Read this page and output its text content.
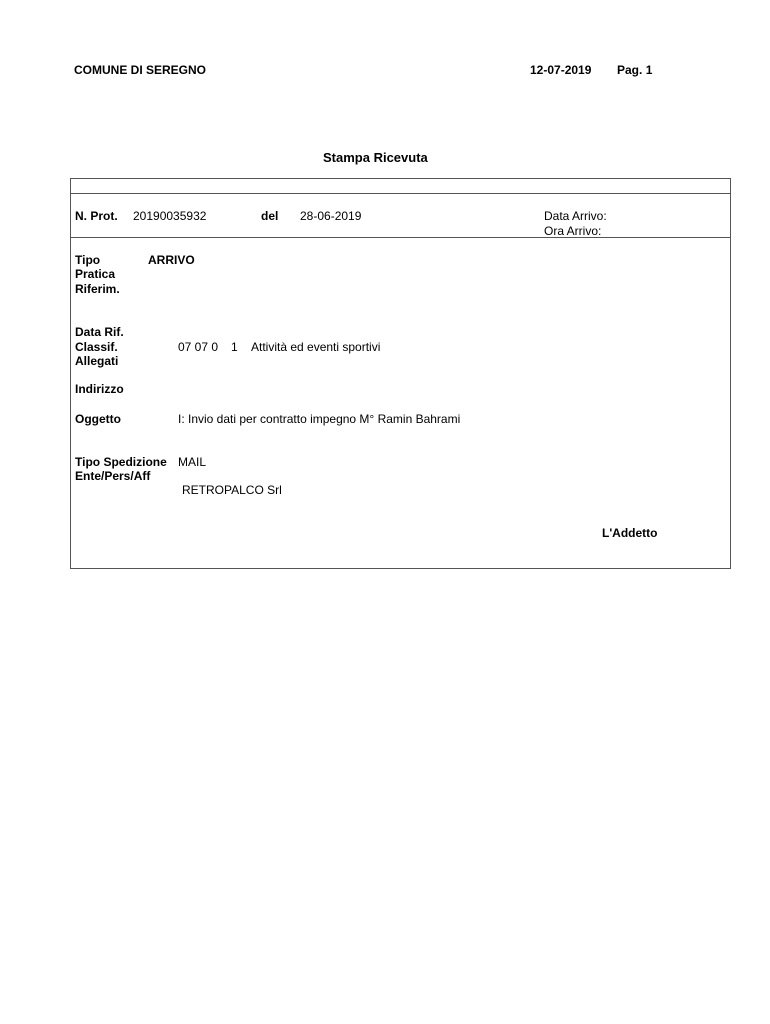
COMUNE DI SEREGNO	12-07-2019 Pag. 1
Stampa Ricevuta
N. Prot. 20190035932	del 28-06-2019	Data Arrivo:
Ora Arrivo:
Tipo	ARRIVO
Pratica
Riferim.
Data Rif.
Classif.	07 07 0 1 Attività ed eventi sportivi
Allegati
Indirizzo
Oggetto	I: Invio dati per contratto impegno M° Ramin Bahrami
Tipo Spedizione MAIL
Ente/Pers/Aff
RETROPALCO Srl
L'Addetto
